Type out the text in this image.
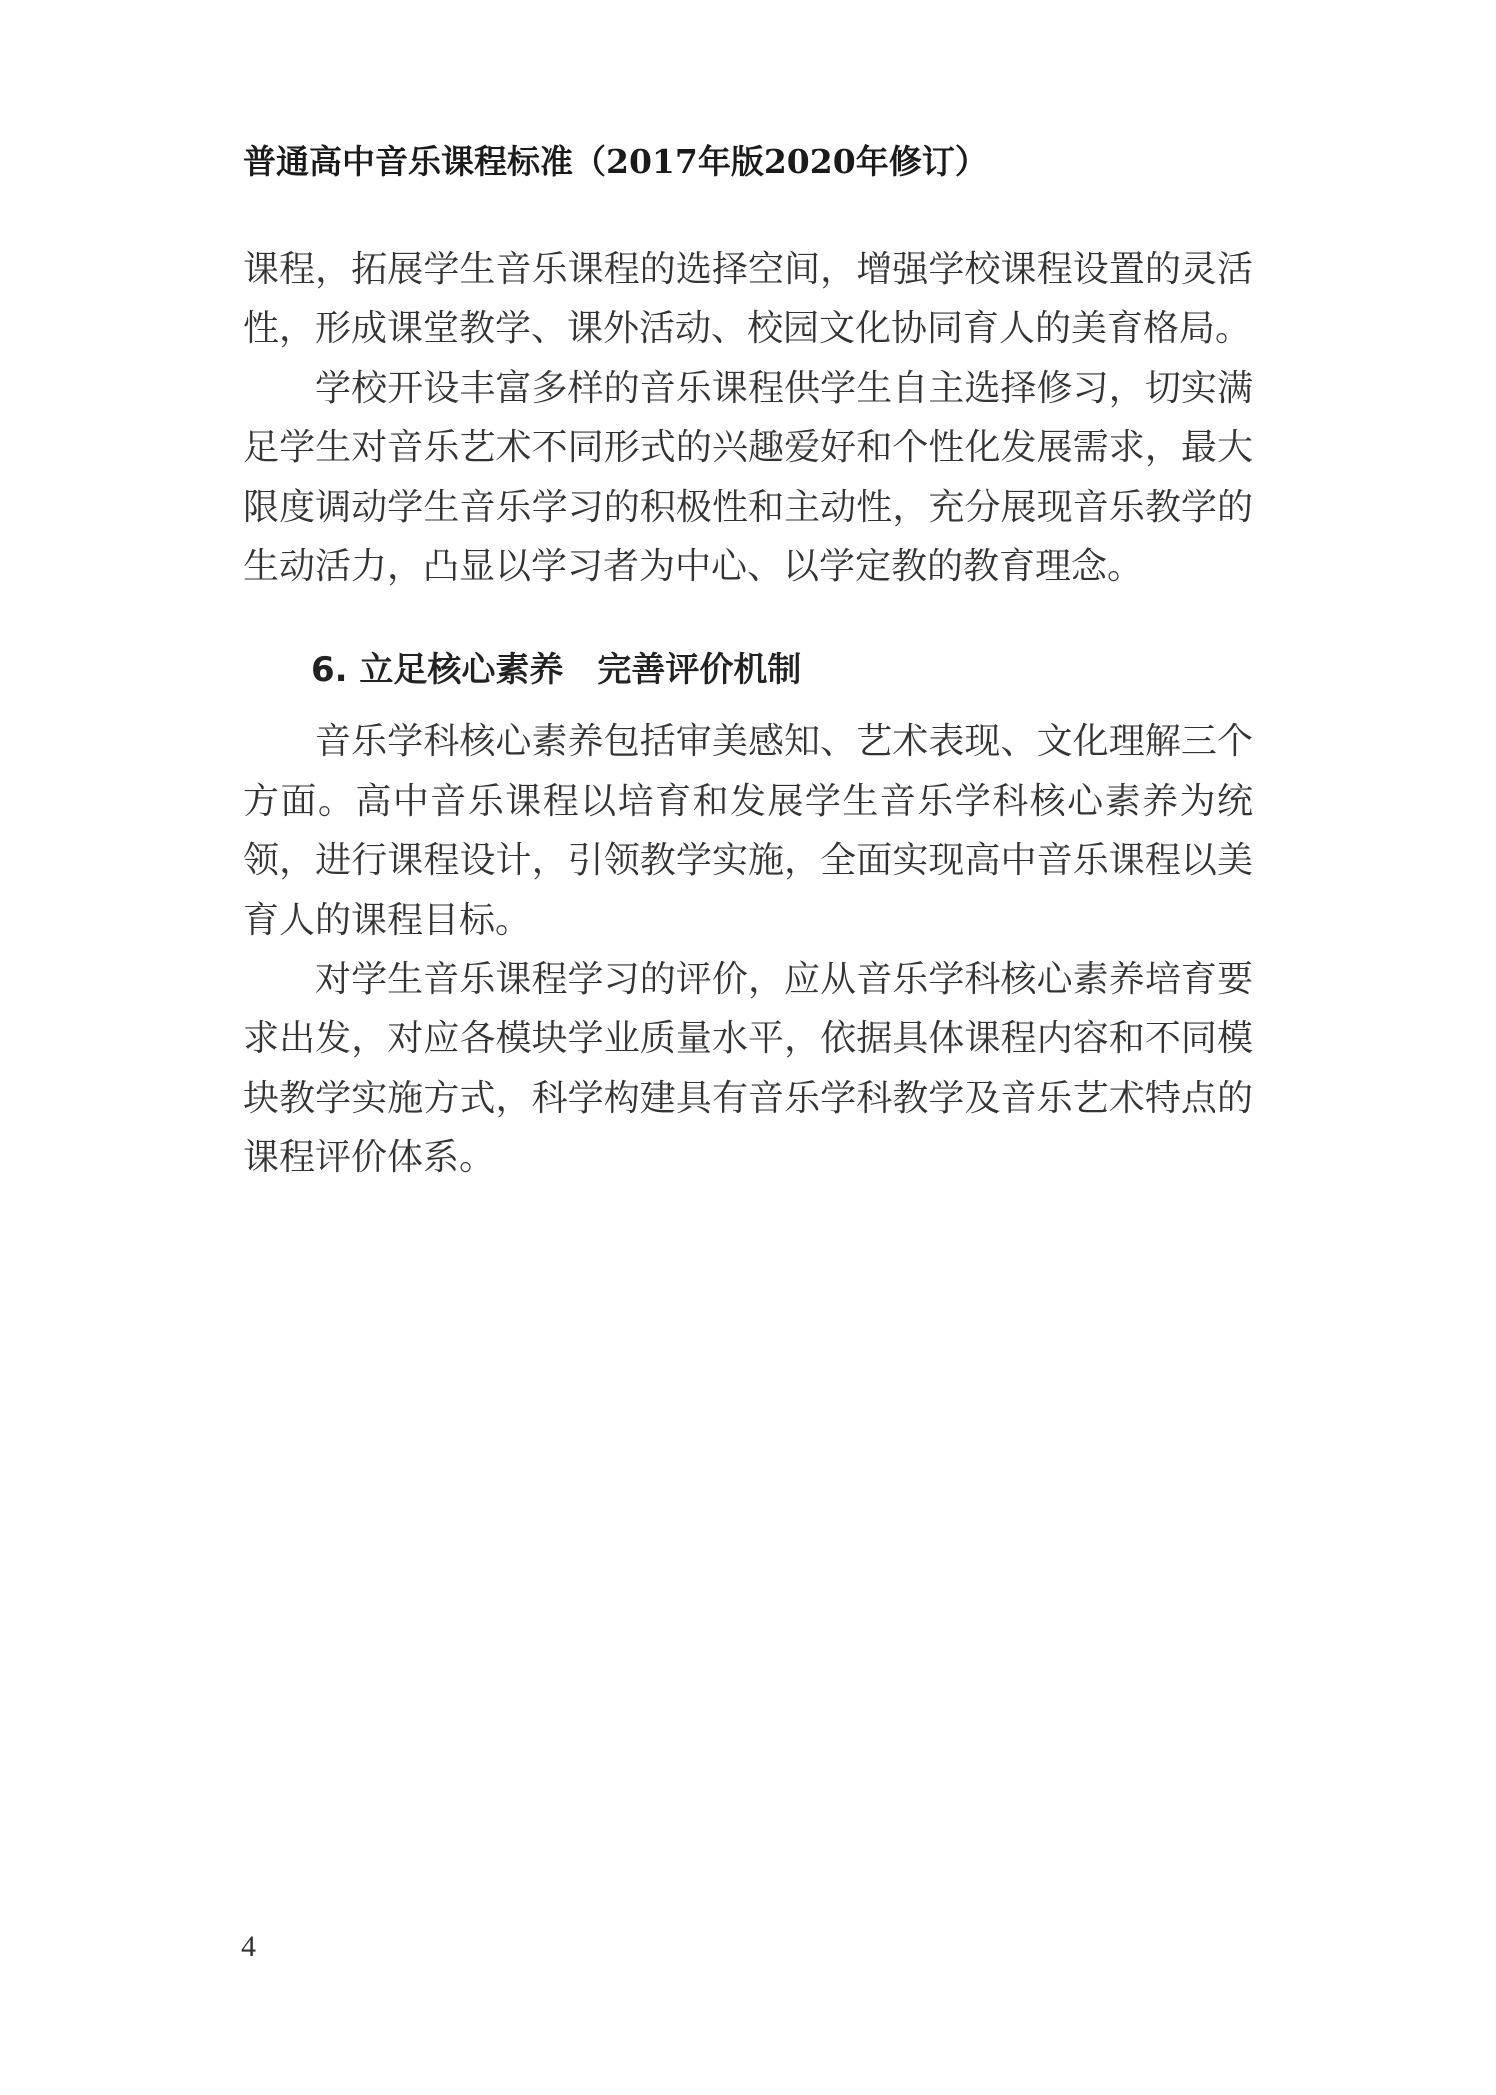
普通高中音乐课程标准（2017年版2020年修订）

课程，拓展学生音乐课程的选择空间，增强学校课程设置的灵活性，形成课堂教学、课外活动、校园文化协同育人的美育格局。

学校开设丰富多样的音乐课程供学生自主选择修习，切实满足学生对音乐艺术不同形式的兴趣爱好和个性化发展需求，最大限度调动学生音乐学习的积极性和主动性，充分展现音乐教学的生动活力，凸显以学习者为中心、以学定教的教育理念。

6. 立足核心素养　完善评价机制

音乐学科核心素养包括审美感知、艺术表现、文化理解三个方面。高中音乐课程以培育和发展学生音乐学科核心素养为统领，进行课程设计，引领教学实施，全面实现高中音乐课程以美育人的课程目标。

对学生音乐课程学习的评价，应从音乐学科核心素养培育要求出发，对应各模块学业质量水平，依据具体课程内容和不同模块教学实施方式，科学构建具有音乐学科教学及音乐艺术特点的课程评价体系。

4
